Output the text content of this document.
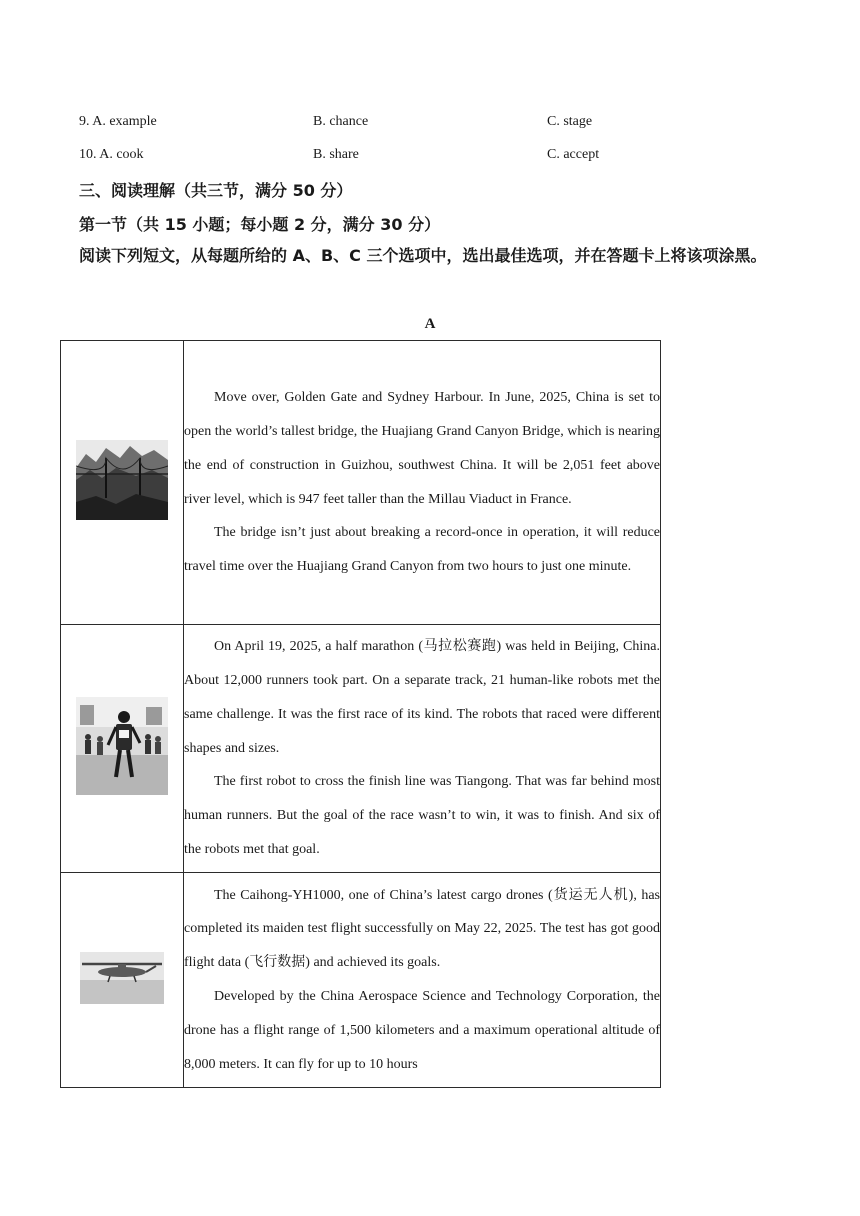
9. A. example	B. chance	C. stage
10. A. cook	B. share	C. accept
三、阅读理解（共三节，满分 50 分）
第一节（共 15 小题；每小题 2 分，满分 30 分）
阅读下列短文，从每题所给的 A、B、C 三个选项中，选出最佳选项，并在答题卡上将该项涂黑。
A

Move over, Golden Gate and Sydney Harbour. In June, 2025, China is set to open the world’s tallest bridge, the Huajiang Grand Canyon Bridge, which is nearing the end of construction in Guizhou, southwest China. It will be 2,051 feet above river level, which is 947 feet taller than the Millau Viaduct in France.

The bridge isn’t just about breaking a record-once in operation, it will reduce travel time over the Huajiang Grand Canyon from two hours to just one minute.

On April 19, 2025, a half marathon (马拉松赛跑) was held in Beijing, China. About 12,000 runners took part. On a separate track, 21 human-like robots met the same challenge. It was the first race of its kind. The robots that raced were different shapes and sizes.

The first robot to cross the finish line was Tiangong. That was far behind most human runners. But the goal of the race wasn’t to win, it was to finish. And six of the robots met that goal.

The Caihong-YH1000, one of China’s latest cargo drones (货运无人机), has completed its maiden test flight successfully on May 22, 2025. The test has got good flight data (飞行数据) and achieved its goals.

Developed by the China Aerospace Science and Technology Corporation, the drone has a flight range of 1,500 kilometers and a maximum operational altitude of 8,000 meters. It can fly for up to 10 hours
